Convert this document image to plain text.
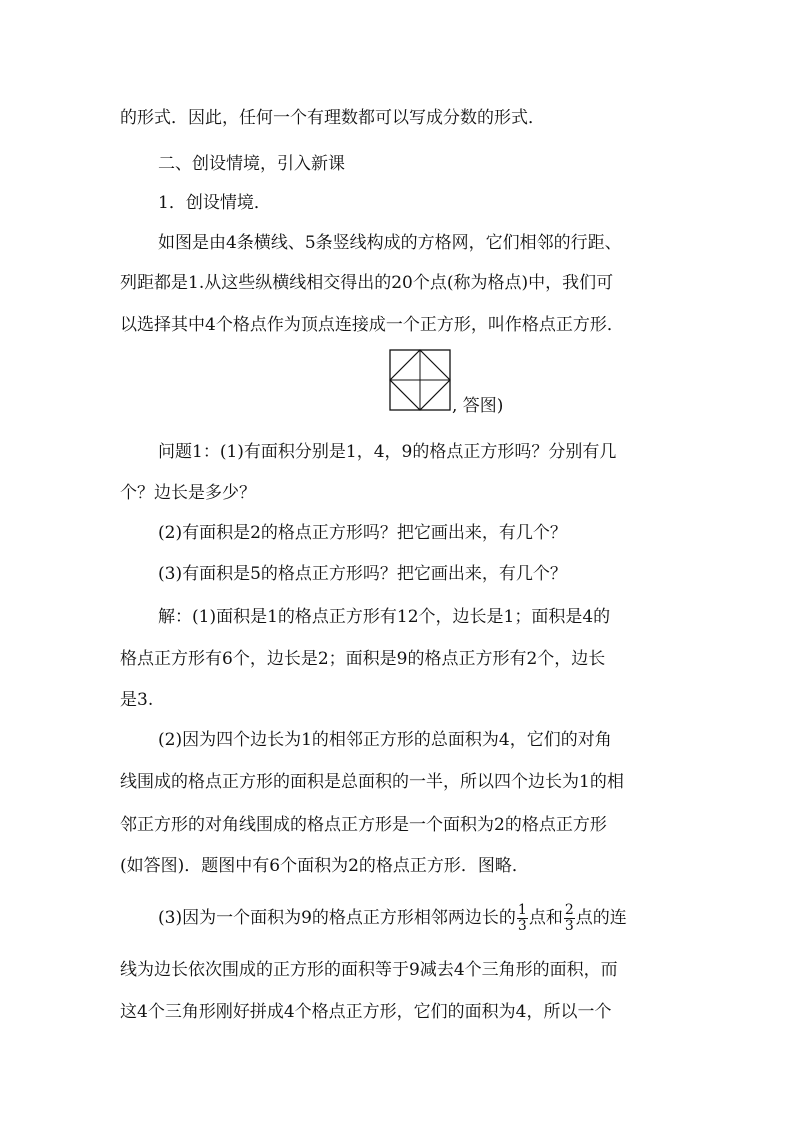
的形式．因此，任何一个有理数都可以写成分数的形式．
二、创设情境，引入新课
1．创设情境．
如图是由4条横线、5条竖线构成的方格网，它们相邻的行距、
列距都是1.从这些纵横线相交得出的20个点(称为格点)中，我们可
以选择其中4个格点作为顶点连接成一个正方形，叫作格点正方形．
, 答图)
问题1：(1)有面积分别是1，4，9的格点正方形吗？分别有几
个？边长是多少？
(2)有面积是2的格点正方形吗？把它画出来，有几个？
(3)有面积是5的格点正方形吗？把它画出来，有几个？
解：(1)面积是1的格点正方形有12个，边长是1；面积是4的
格点正方形有6个，边长是2；面积是9的格点正方形有2个，边长
是3.
(2)因为四个边长为1的相邻正方形的总面积为4，它们的对角
线围成的格点正方形的面积是总面积的一半，所以四个边长为1的相
邻正方形的对角线围成的格点正方形是一个面积为2的格点正方形
(如答图)．题图中有6个面积为2的格点正方形．图略．
(3)因为一个面积为9的格点正方形相邻两边长的 $\frac{1}{3}$ 点和 $\frac{2}{3}$ 点的连
线为边长依次围成的正方形的面积等于9减去4个三角形的面积，而
这4个三角形刚好拼成4个格点正方形，它们的面积为4，所以一个
